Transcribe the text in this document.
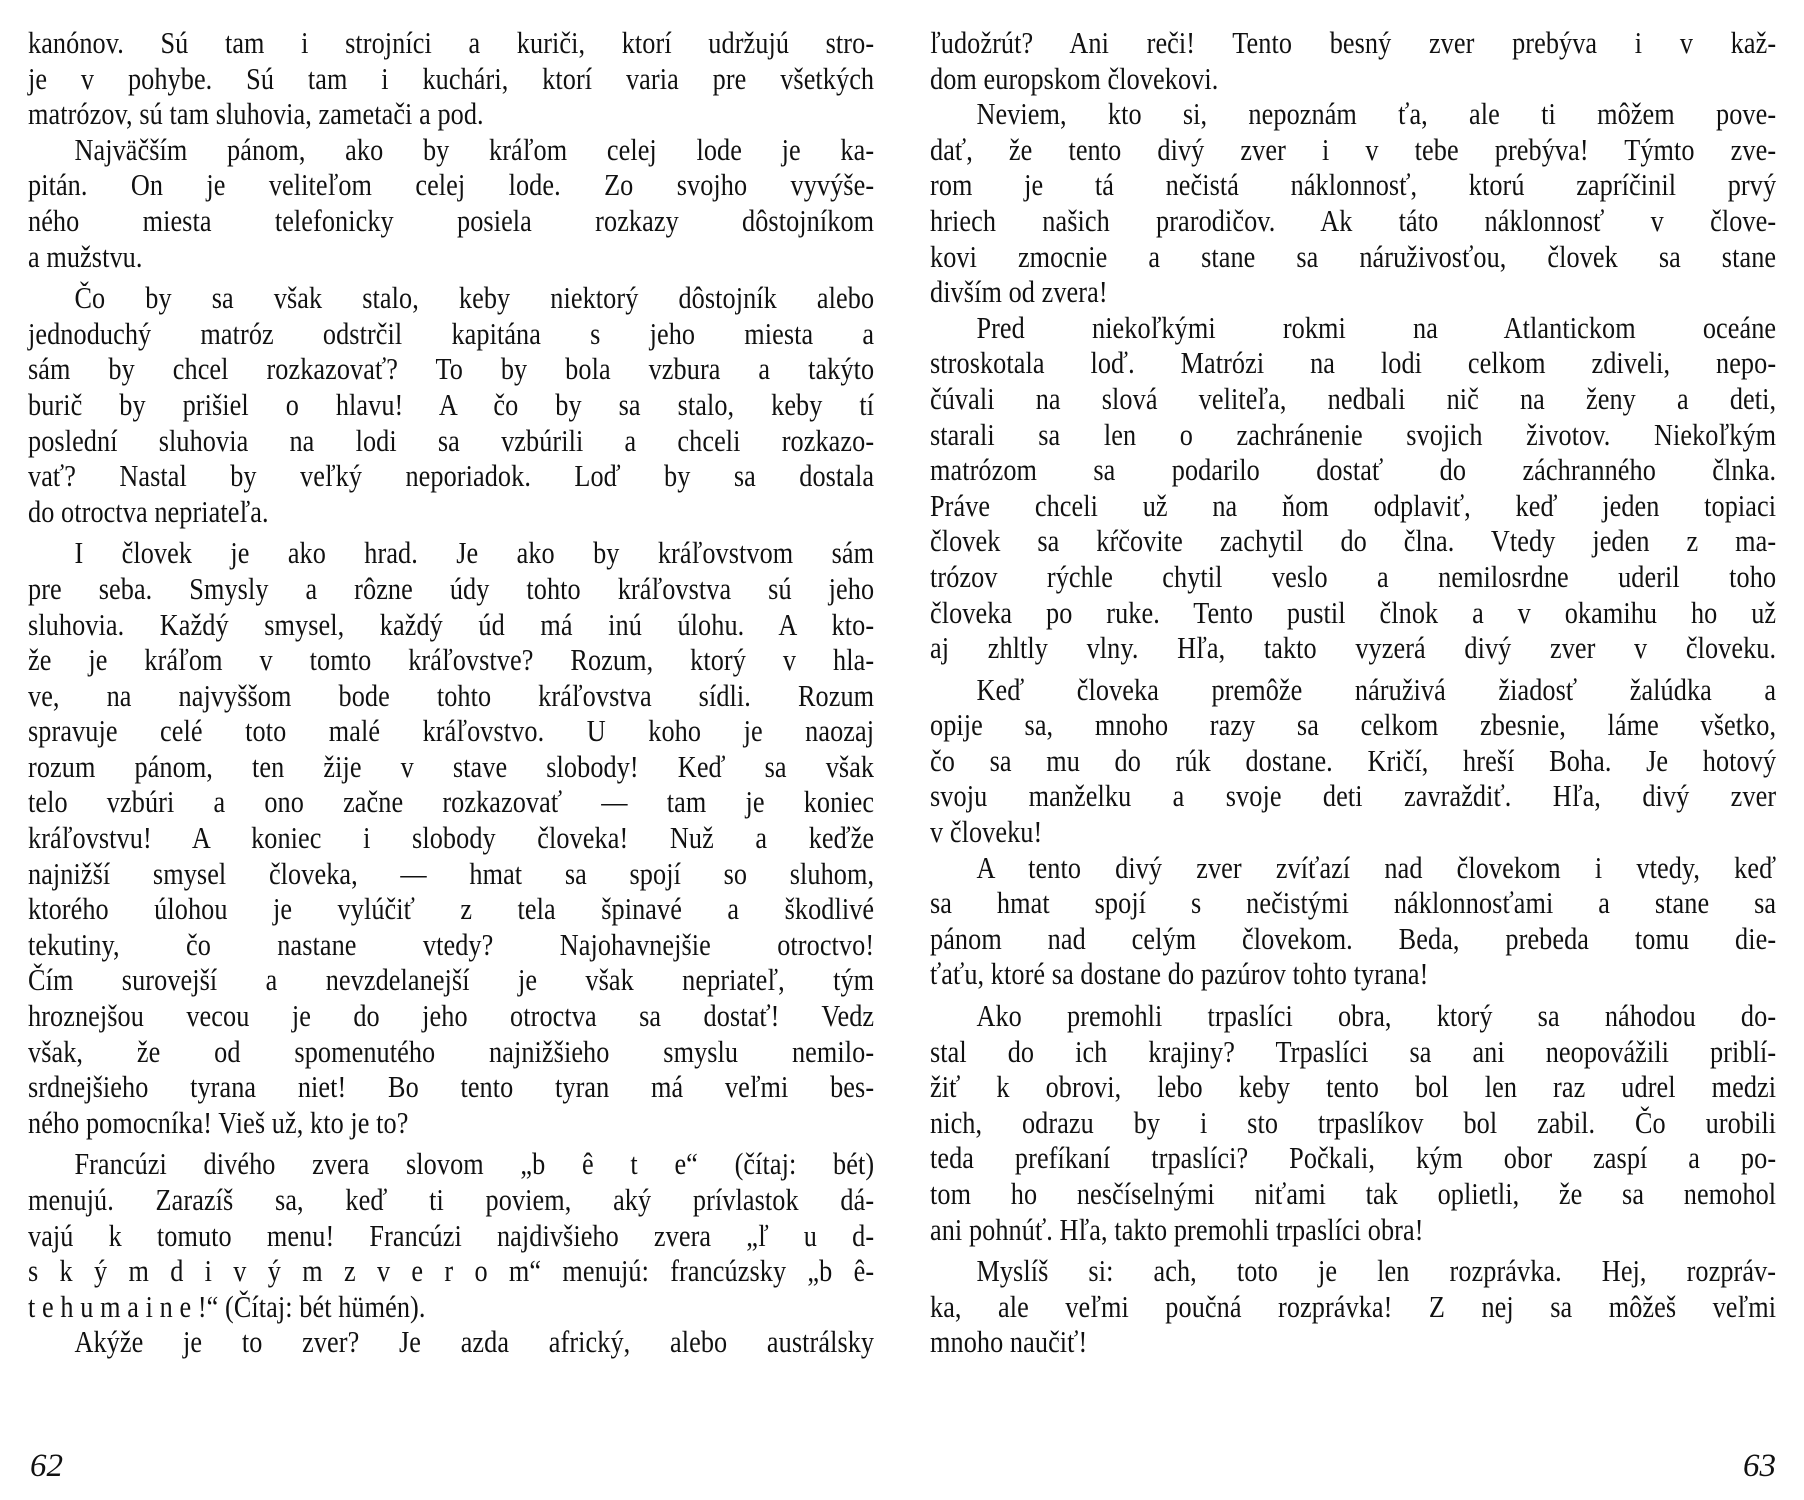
kanónov. Sú tam i strojníci a kuriči, ktorí udržujú stro-
je v pohybe. Sú tam i kuchári, ktorí varia pre všetkých
matrózov, sú tam sluhovia, zametači a pod.
Najväčším pánom, ako by kráľom celej lode je ka-
pitán. On je veliteľom celej lode. Zo svojho vyvýše-
ného miesta telefonicky posiela rozkazy dôstojníkom
a mužstvu.
Čo by sa však stalo, keby niektorý dôstojník alebo
jednoduchý matróz odstrčil kapitána s jeho miesta a
sám by chcel rozkazovať? To by bola vzbura a takýto
burič by prišiel o hlavu! A čo by sa stalo, keby tí
poslední sluhovia na lodi sa vzbúrili a chceli rozkazo-
vať? Nastal by veľký neporiadok. Loď by sa dostala
do otroctva nepriateľa.
I človek je ako hrad. Je ako by kráľovstvom sám
pre seba. Smysly a rôzne údy tohto kráľovstva sú jeho
sluhovia. Každý smysel, každý úd má inú úlohu. A kto-
že je kráľom v tomto kráľovstve? Rozum, ktorý v hla-
ve, na najvyššom bode tohto kráľovstva sídli. Rozum
spravuje celé toto malé kráľovstvo. U koho je naozaj
rozum pánom, ten žije v stave slobody! Keď sa však
telo vzbúri a ono začne rozkazovať — tam je koniec
kráľovstvu! A koniec i slobody človeka! Nuž a keďže
najnižší smysel človeka, — hmat sa spojí so sluhom,
ktorého úlohou je vylúčiť z tela špinavé a škodlivé
tekutiny, čo nastane vtedy? Najohavnejšie otroctvo!
Čím surovejší a nevzdelanejší je však nepriateľ, tým
hroznejšou vecou je do jeho otroctva sa dostať! Vedz
však, že od spomenutého najnižšieho smyslu nemilo-
srdnejšieho tyrana niet! Bo tento tyran má veľmi bes-
ného pomocníka! Vieš už, kto je to?
Francúzi divého zvera slovom „b ê t e“ (čítaj: bét)
menujú. Zarazíš sa, keď ti poviem, aký prívlastok dá-
vajú k tomuto menu! Francúzi najdivšieho zvera „ľ u d-
s k ý m d i v ý m z v e r o m“ menujú: francúzsky „b ê-
t e h u m a i n e !“ (Čítaj: bét hümén).
Akýže je to zver? Je azda africký, alebo austrálsky
62
ľudožrút? Ani reči! Tento besný zver prebýva i v kaž-
dom europskom človekovi.
Neviem, kto si, nepoznám ťa, ale ti môžem pove-
dať, že tento divý zver i v tebe prebýva! Týmto zve-
rom je tá nečistá náklonnosť, ktorú zapríčinil prvý
hriech našich prarodičov. Ak táto náklonnosť v člove-
kovi zmocnie a stane sa náruživosťou, človek sa stane
divším od zvera!
Pred niekoľkými rokmi na Atlantickom oceáne
stroskotala loď. Matrózi na lodi celkom zdiveli, nepo-
čúvali na slová veliteľa, nedbali nič na ženy a deti,
starali sa len o zachránenie svojich životov. Niekoľkým
matrózom sa podarilo dostať do záchranného člnka.
Práve chceli už na ňom odplaviť, keď jeden topiaci
človek sa kŕčovite zachytil do člna. Vtedy jeden z ma-
trózov rýchle chytil veslo a nemilosrdne uderil toho
človeka po ruke. Tento pustil člnok a v okamihu ho už
aj zhltly vlny. Hľa, takto vyzerá divý zver v človeku.
Keď človeka premôže náruživá žiadosť žalúdka a
opije sa, mnoho razy sa celkom zbesnie, láme všetko,
čo sa mu do rúk dostane. Kričí, hreší Boha. Je hotový
svoju manželku a svoje deti zavraždiť. Hľa, divý zver
v človeku!
A tento divý zver zvíťazí nad človekom i vtedy, keď
sa hmat spojí s nečistými náklonnosťami a stane sa
pánom nad celým človekom. Beda, prebeda tomu die-
ťaťu, ktoré sa dostane do pazúrov tohto tyrana!
Ako premohli trpaslíci obra, ktorý sa náhodou do-
stal do ich krajiny? Trpaslíci sa ani neopovážili priblí-
žiť k obrovi, lebo keby tento bol len raz udrel medzi
nich, odrazu by i sto trpaslíkov bol zabil. Čo urobili
teda prefíkaní trpaslíci? Počkali, kým obor zaspí a po-
tom ho nesčíselnými niťami tak oplietli, že sa nemohol
ani pohnúť. Hľa, takto premohli trpaslíci obra!
Myslíš si: ach, toto je len rozprávka. Hej, rozpráv-
ka, ale veľmi poučná rozprávka! Z nej sa môžeš veľmi
mnoho naučiť!
63
